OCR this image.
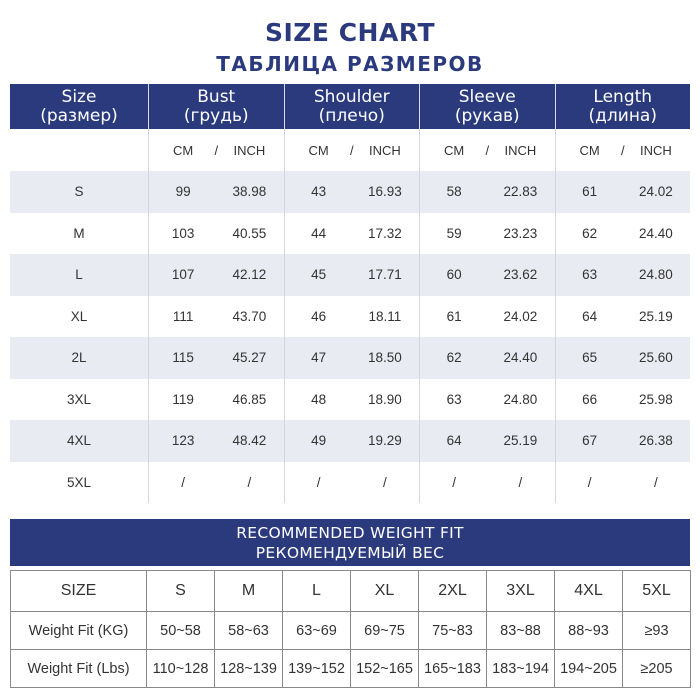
SIZE CHART
ТАБЛИЦА РАЗМЕРОВ
Size
(размер)
Bust
(грудь)
Shoulder
(плечо)
Sleeve
(рукав)
Length
(длина)
CM	/	INCH	CM	/	INCH	CM	/	INCH	CM	/	INCH
S	99	38.98	43	16.93	58	22.83	61	24.02
M	103	40.55	44	17.32	59	23.23	62	24.40
L	107	42.12	45	17.71	60	23.62	63	24.80
XL	111	43.70	46	18.11	61	24.02	64	25.19
2L	115	45.27	47	18.50	62	24.40	65	25.60
3XL	119	46.85	48	18.90	63	24.80	66	25.98
4XL	123	48.42	49	19.29	64	25.19	67	26.38
5XL	/	/	/	/	/	/	/	/
RECOMMENDED WEIGHT FIT
РЕКОМЕНДУЕМЫЙ ВЕС
SIZE	S	M	L	XL	2XL	3XL	4XL	5XL
Weight Fit (KG)	50~58	58~63	63~69	69~75	75~83	83~88	88~93	≥93
Weight Fit (Lbs)	110~128	128~139	139~152	152~165	165~183	183~194	194~205	≥205
